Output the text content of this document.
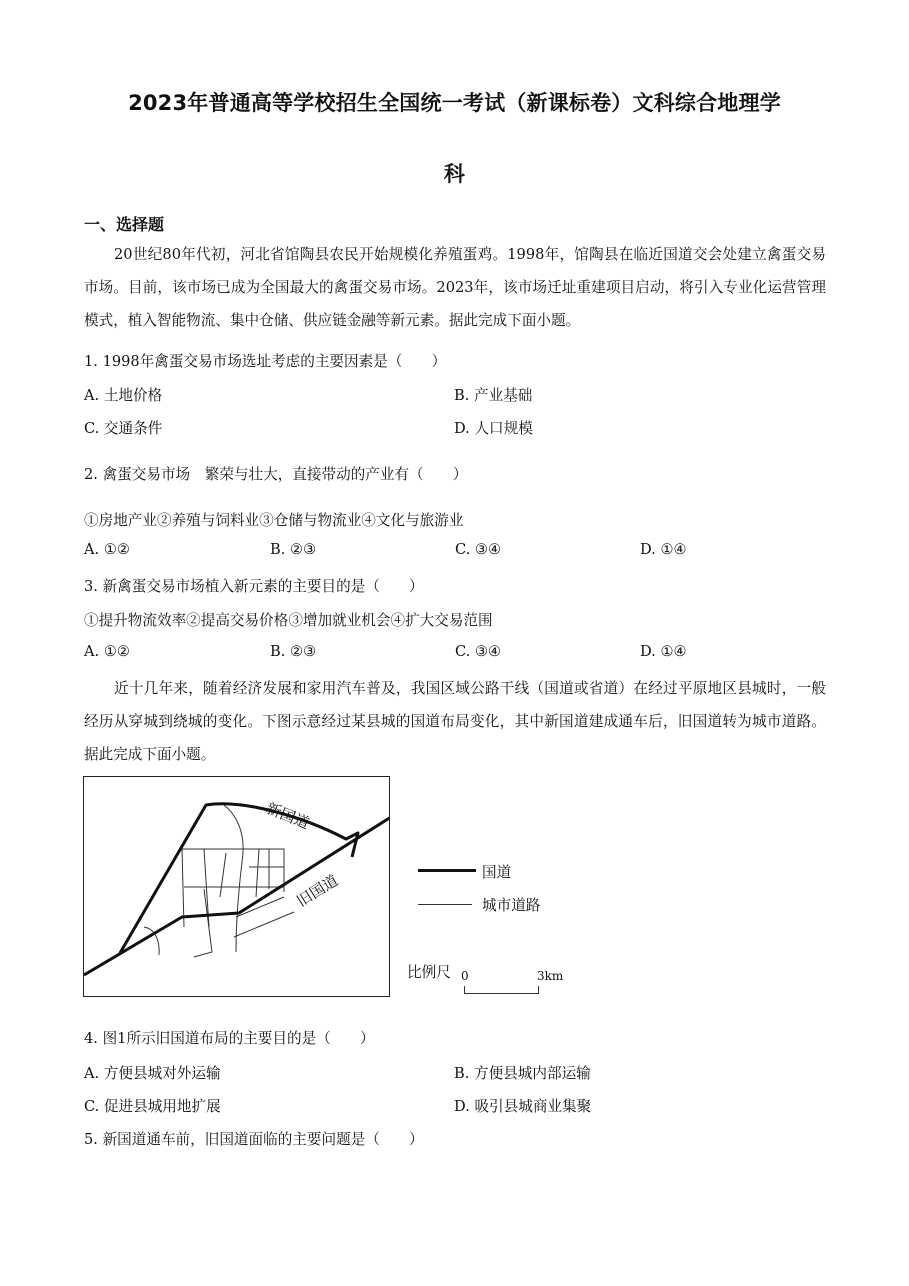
2023年普通高等学校招生全国统一考试（新课标卷）文科综合地理学
科
一、选择题
20世纪80年代初，河北省馆陶县农民开始规模化养殖蛋鸡。1998年，馆陶县在临近国道交会处建立禽蛋交易市场。目前，该市场已成为全国最大的禽蛋交易市场。2023年，该市场迁址重建项目启动，将引入专业化运营管理模式，植入智能物流、集中仓储、供应链金融等新元素。据此完成下面小题。
1. 1998年禽蛋交易市场选址考虑的主要因素是（　　）
A. 土地价格	B. 产业基础
C. 交通条件	D. 人口规模
2. 禽蛋交易市场　繁荣与壮大，直接带动的产业有（　　）
①房地产业②养殖与饲料业③仓储与物流业④文化与旅游业
A. ①②	B. ②③	C. ③④	D. ①④
3. 新禽蛋交易市场植入新元素的主要目的是（　　）
①提升物流效率②提高交易价格③增加就业机会④扩大交易范围
A. ①②	B. ②③	C. ③④	D. ①④
近十几年来，随着经济发展和家用汽车普及，我国区域公路干线（国道或省道）在经过平原地区县城时，一般经历从穿城到绕城的变化。下图示意经过某县城的国道布局变化，其中新国道建成通车后，旧国道转为城市道路。据此完成下面小题。
新国道
旧国道	国道
城市道路
比例尺 0	3km
4. 图1所示旧国道布局的主要目的是（　　）
A. 方便县城对外运输	B. 方便县城内部运输
C. 促进县城用地扩展	D. 吸引县城商业集聚
5. 新国道通车前，旧国道面临的主要问题是（　　）
